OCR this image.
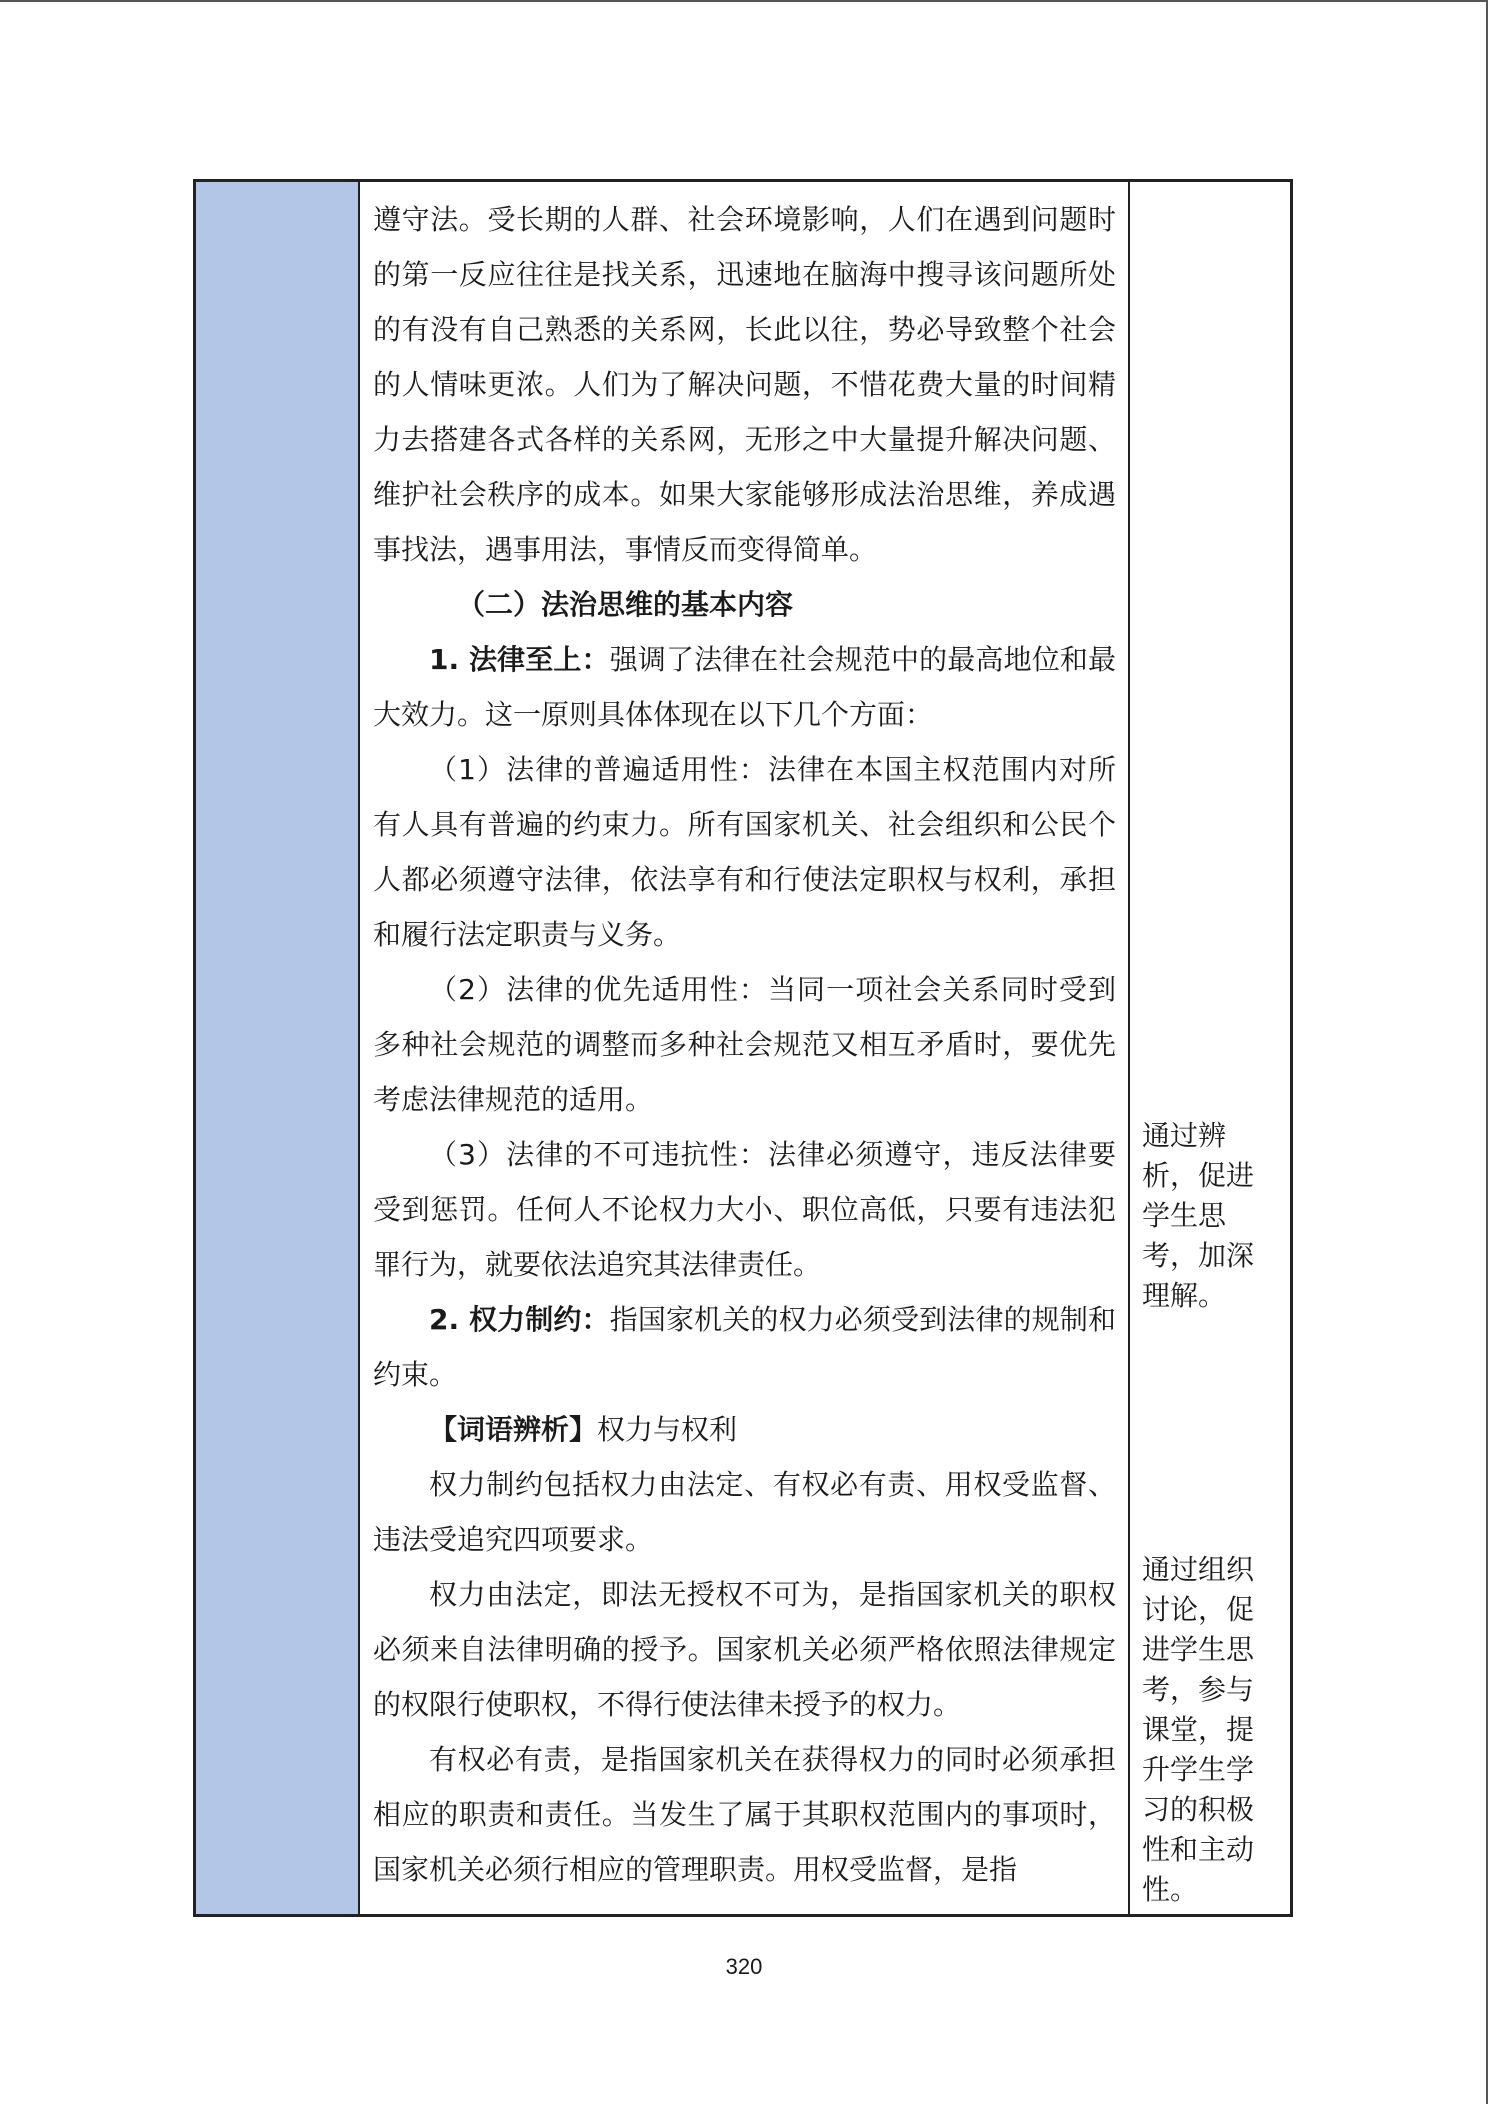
遵守法。受长期的人群、社会环境影响，人们在遇到问题时的第一反应往往是找关系，迅速地在脑海中搜寻该问题所处的有没有自己熟悉的关系网，长此以往，势必导致整个社会的人情味更浓。人们为了解决问题，不惜花费大量的时间精力去搭建各式各样的关系网，无形之中大量提升解决问题、维护社会秩序的成本。如果大家能够形成法治思维，养成遇事找法，遇事用法，事情反而变得简单。

（二）法治思维的基本内容

1. 法律至上：强调了法律在社会规范中的最高地位和最大效力。这一原则具体体现在以下几个方面：

（1）法律的普遍适用性：法律在本国主权范围内对所有人具有普遍的约束力。所有国家机关、社会组织和公民个人都必须遵守法律，依法享有和行使法定职权与权利，承担和履行法定职责与义务。

（2）法律的优先适用性：当同一项社会关系同时受到多种社会规范的调整而多种社会规范又相互矛盾时，要优先考虑法律规范的适用。

（3）法律的不可违抗性：法律必须遵守，违反法律要受到惩罚。任何人不论权力大小、职位高低，只要有违法犯罪行为，就要依法追究其法律责任。

2. 权力制约：指国家机关的权力必须受到法律的规制和约束。

【词语辨析】权力与权利

权力制约包括权力由法定、有权必有责、用权受监督、违法受追究四项要求。

权力由法定，即法无授权不可为，是指国家机关的职权必须来自法律明确的授予。国家机关必须严格依照法律规定的权限行使职权，不得行使法律未授予的权力。

有权必有责，是指国家机关在获得权力的同时必须承担相应的职责和责任。当发生了属于其职权范围内的事项时，国家机关必须行相应的管理职责。用权受监督，是指

通过辨析，促进学生思考，加深理解。
通过组织讨论，促进学生思考，参与课堂，提升学生学习的积极性和主动性。
320
